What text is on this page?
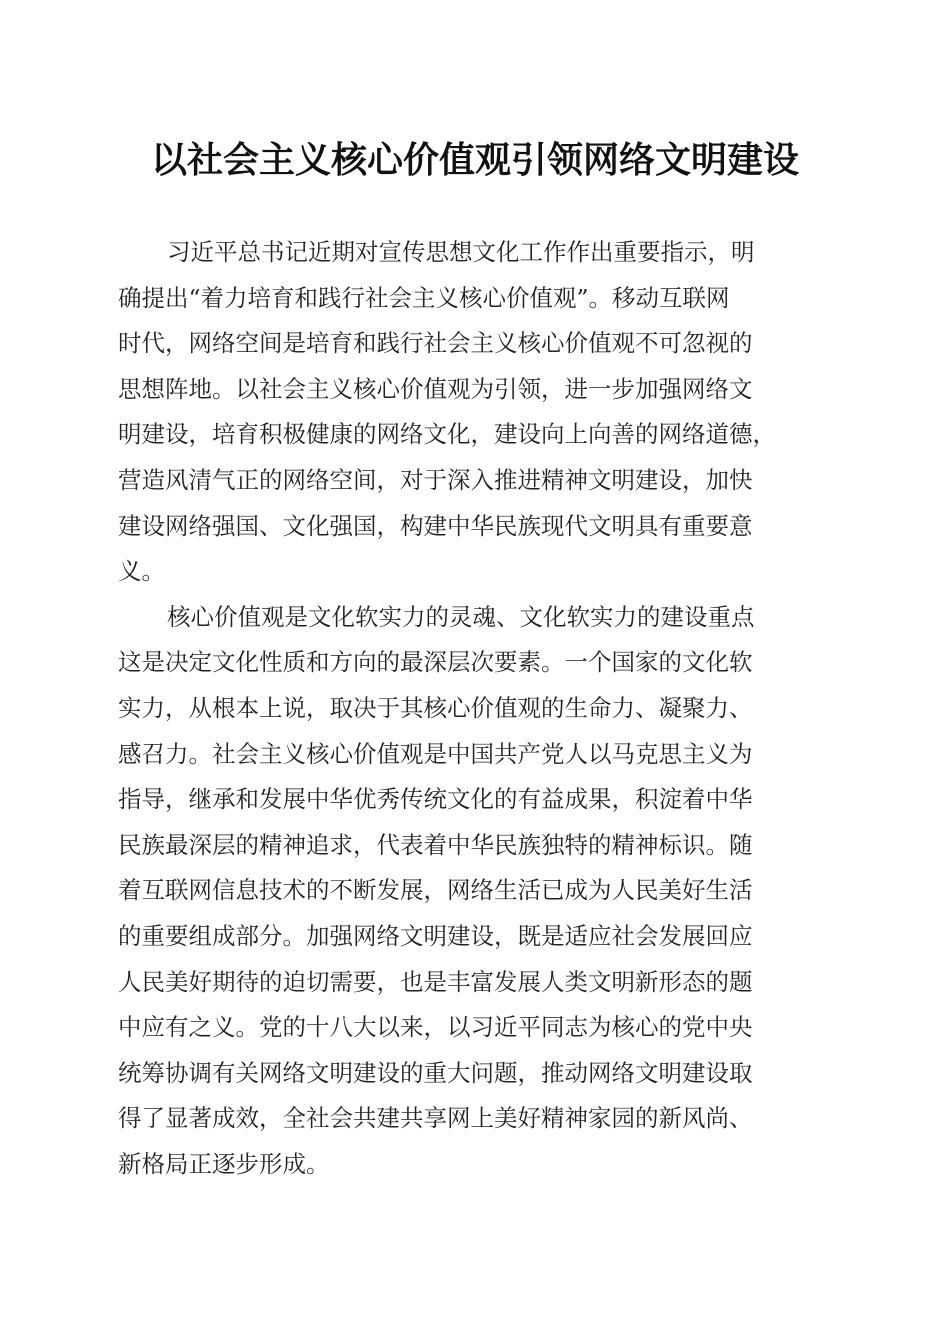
以社会主义核心价值观引领网络文明建设
习近平总书记近期对宣传思想文化工作作出重要指示，明
确提出“着力培育和践行社会主义核心价值观”。移动互联网
时代，网络空间是培育和践行社会主义核心价值观不可忽视的
思想阵地。以社会主义核心价值观为引领，进一步加强网络文
明建设，培育积极健康的网络文化，建设向上向善的网络道德，
营造风清气正的网络空间，对于深入推进精神文明建设，加快
建设网络强国、文化强国，构建中华民族现代文明具有重要意
义。
核心价值观是文化软实力的灵魂、文化软实力的建设重点
这是决定文化性质和方向的最深层次要素。一个国家的文化软
实力，从根本上说，取决于其核心价值观的生命力、凝聚力、
感召力。社会主义核心价值观是中国共产党人以马克思主义为
指导，继承和发展中华优秀传统文化的有益成果，积淀着中华
民族最深层的精神追求，代表着中华民族独特的精神标识。随
着互联网信息技术的不断发展，网络生活已成为人民美好生活
的重要组成部分。加强网络文明建设，既是适应社会发展回应
人民美好期待的迫切需要，也是丰富发展人类文明新形态的题
中应有之义。党的十八大以来，以习近平同志为核心的党中央
统筹协调有关网络文明建设的重大问题，推动网络文明建设取
得了显著成效，全社会共建共享网上美好精神家园的新风尚、
新格局正逐步形成。
